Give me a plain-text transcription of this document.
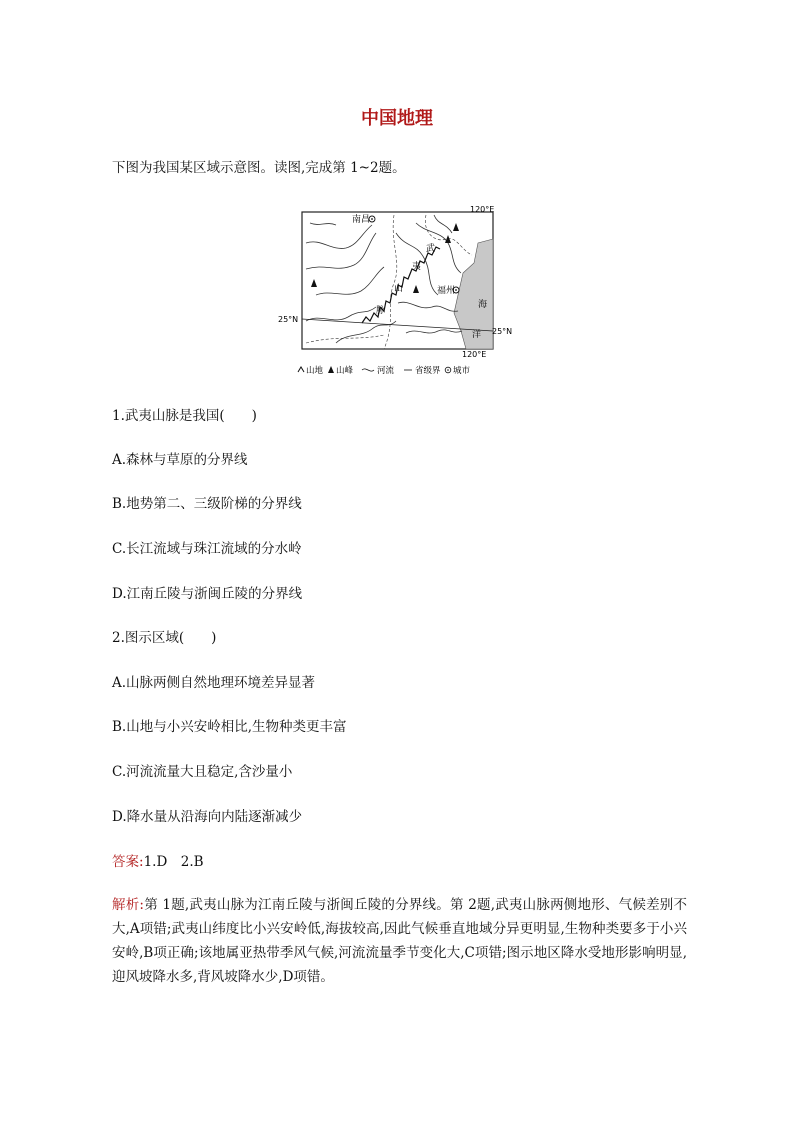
中国地理
下图为我国某区域示意图。读图,完成第 1~2题。
南昌
福州
120°E
120°E
25°N
25°N
海
洋
武
夷
山
脉
山地 山峰	河流 省级界 城市
1.武夷山脉是我国(　　)
A.森林与草原的分界线
B.地势第二、三级阶梯的分界线
C.长江流域与珠江流域的分水岭
D.江南丘陵与浙闽丘陵的分界线
2.图示区域(　　)
A.山脉两侧自然地理环境差异显著
B.山地与小兴安岭相比,生物种类更丰富
C.河流流量大且稳定,含沙量小
D.降水量从沿海向内陆逐渐减少
答案:1.D　2.B
解析:第 1题,武夷山脉为江南丘陵与浙闽丘陵的分界线。第 2题,武夷山脉两侧地形、气候差别不大,A项错;武夷山纬度比小兴安岭低,海拔较高,因此气候垂直地域分异更明显,生物种类要多于小兴安岭,B项正确;该地属亚热带季风气候,河流流量季节变化大,C项错;图示地区降水受地形影响明显,迎风坡降水多,背风坡降水少,D项错。
